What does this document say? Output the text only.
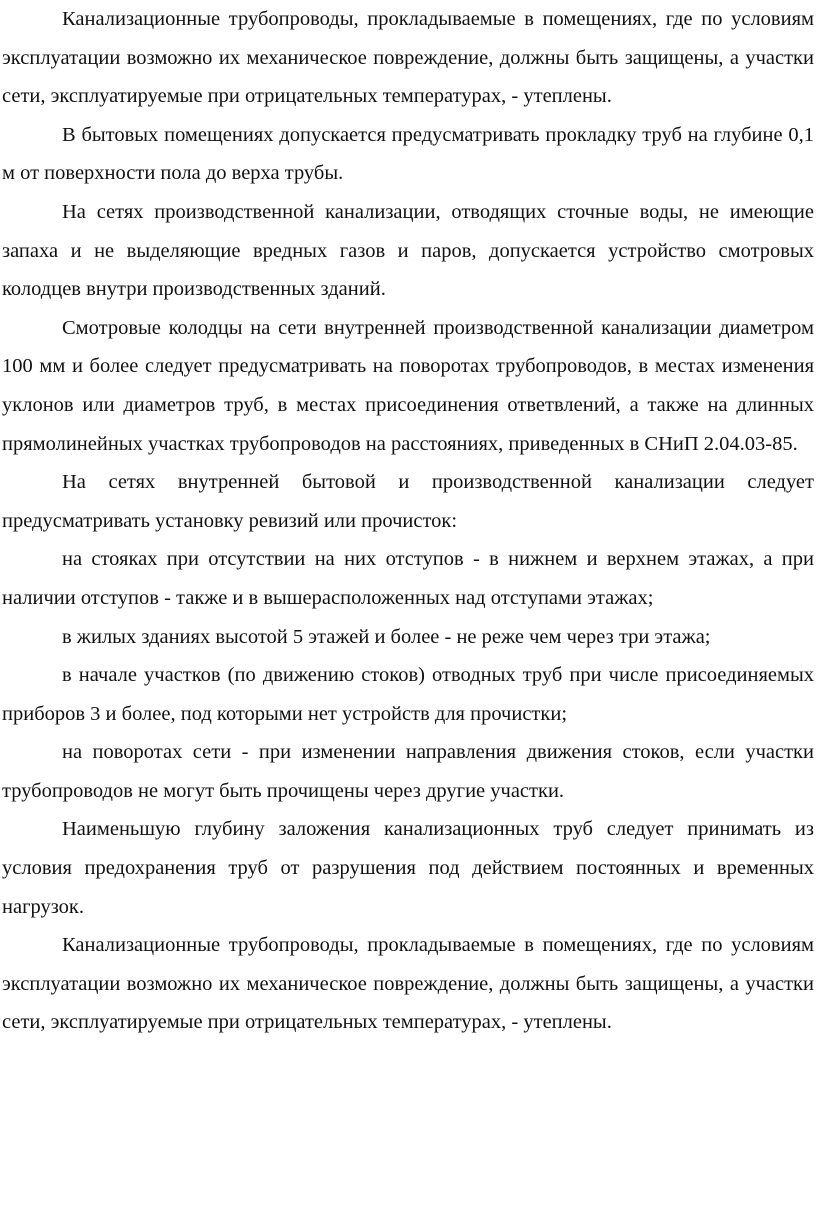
Канализационные трубопроводы, прокладываемые в помещениях, где по условиям эксплуатации возможно их механическое повреждение, должны быть защищены, а участки сети, эксплуатируемые при отрицательных температурах, - утеплены.

В бытовых помещениях допускается предусматривать прокладку труб на глубине 0,1 м от поверхности пола до верха трубы.

На сетях производственной канализации, отводящих сточные воды, не имеющие запаха и не выделяющие вредных газов и паров, допускается устройство смотровых колодцев внутри производственных зданий.

Смотровые колодцы на сети внутренней производственной канализации диаметром 100 мм и более следует предусматривать на поворотах трубопроводов, в местах изменения уклонов или диаметров труб, в местах присоединения ответвлений, а также на длинных прямолинейных участках трубопроводов на расстояниях, приведенных в СНиП 2.04.03-85.

На сетях внутренней бытовой и производственной канализации следует предусматривать установку ревизий или прочисток:

на стояках при отсутствии на них отступов - в нижнем и верхнем этажах, а при наличии отступов - также и в вышерасположенных над отступами этажах;

в жилых зданиях высотой 5 этажей и более - не реже чем через три этажа;

в начале участков (по движению стоков) отводных труб при числе присоединяемых приборов 3 и более, под которыми нет устройств для прочистки;

на поворотах сети - при изменении направления движения стоков, если участки трубопроводов не могут быть прочищены через другие участки.

Наименьшую глубину заложения канализационных труб следует принимать из условия предохранения труб от разрушения под действием постоянных и временных нагрузок.

Канализационные трубопроводы, прокладываемые в помещениях, где по условиям эксплуатации возможно их механическое повреждение, должны быть защищены, а участки сети, эксплуатируемые при отрицательных температурах, - утеплены.
